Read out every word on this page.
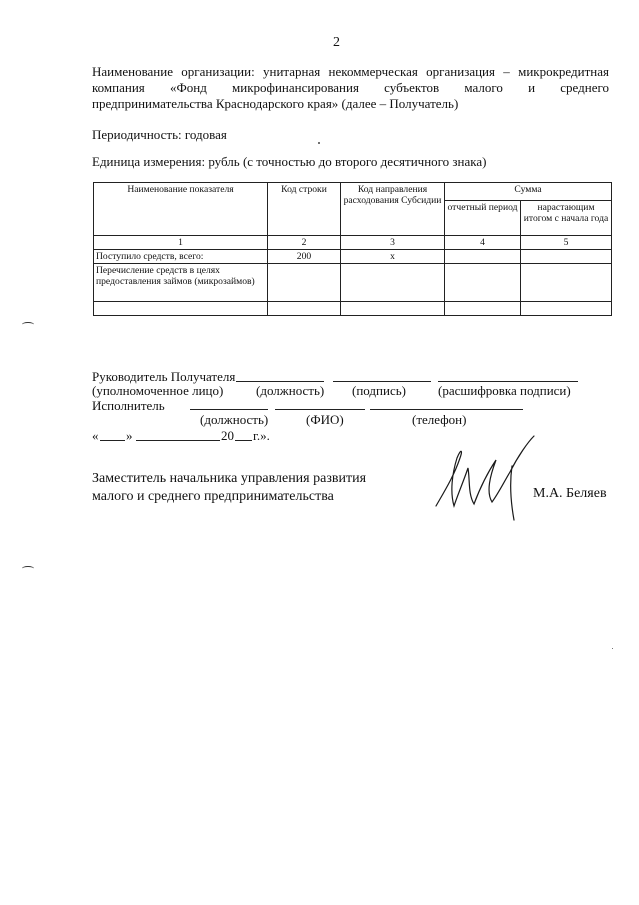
2
Наименование организации: унитарная некоммерческая организация – микрокредитная
компания «Фонд микрофинансирования субъектов малого и среднего
предпринимательства Краснодарского края» (далее – Получатель)
Периодичность: годовая
Единица измерения: рубль (с точностью до второго десятичного знака)
Наименование показателя	Код строки	Код направления расходования Субсидии	Сумма	
			отчетный период	нарастающим итогом с начала года
1	2	3	4	5
Поступило средств, всего:	200	x		
Перечисление средств в целях предоставления займов (микрозаймов)				

Руководитель Получателя
(уполномоченное лицо)	(должность) (подпись) (расшифровка подписи)
Исполнитель
(должность)	(ФИО)	(телефон)
« »	20 г.».
Заместитель начальника управления развития
малого и среднего предпринимательства	М.А. Беляев
